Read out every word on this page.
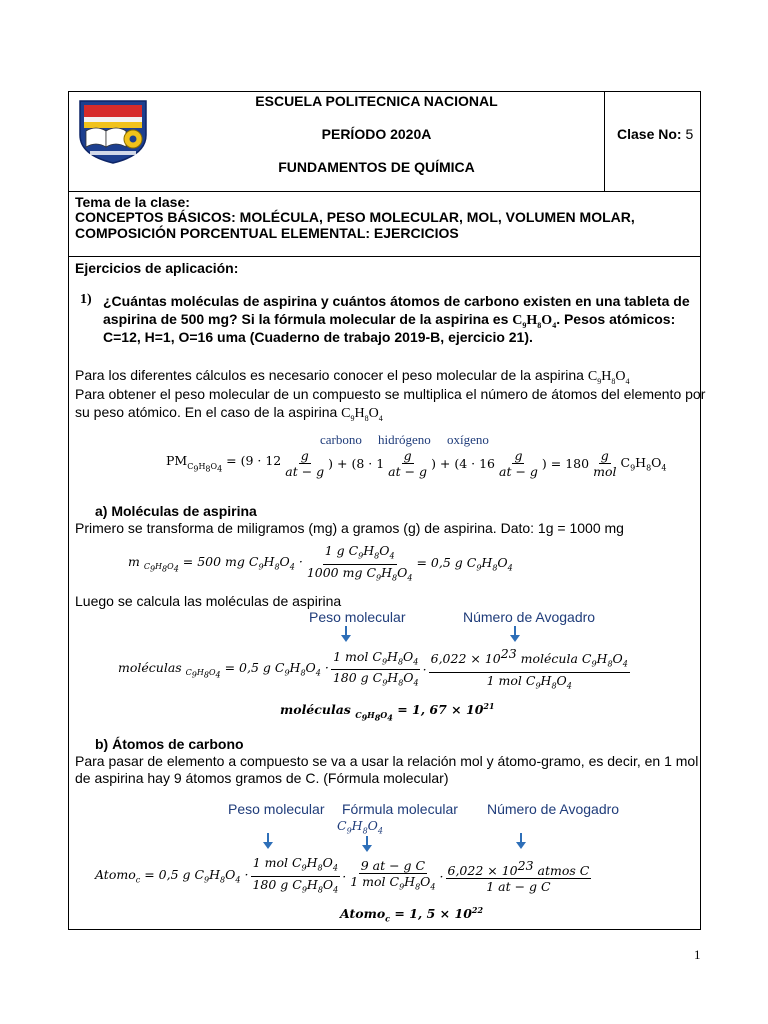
ESCUELA POLITECNICA NACIONAL
PERÍODO 2020A
FUNDAMENTOS DE QUÍMICA
Clase No: 5
Tema de la clase:
CONCEPTOS BÁSICOS: MOLÉCULA, PESO MOLECULAR, MOL, VOLUMEN MOLAR,
COMPOSICIÓN PORCENTUAL ELEMENTAL: EJERCICIOS
Ejercicios de aplicación:
1) ¿Cuántas moléculas de aspirina y cuántos átomos de carbono existen en una tableta de
aspirina de 500 mg? Si la fórmula molecular de la aspirina es $C_9H_8O_4$. Pesos atómicos:
C=12, H=1, O=16 uma (Cuaderno de trabajo 2019-B, ejercicio 21).
Para los diferentes cálculos es necesario conocer el peso molecular de la aspirina $C_9H_8O_4$
Para obtener el peso molecular de un compuesto se multiplica el número de átomos del elemento por
su peso atómico. En el caso de la aspirina $C_9H_8O_4$
carbono hidrógeno oxígeno
$PM_{C_9H_8O_4} = (9 \cdot 12 \frac{g}{at - g}$ ) + ($8 \cdot 1 \frac{g}{at - g}$ ) + ($4 \cdot 16 \frac{g}{at - g}$ ) = $180 \frac{g}{\text{mol}} C_9H_8O_4$
a) Moléculas de aspirina
Primero se transforma de miligramos (mg) a gramos (g) de aspirina. Dato: 1g = 1000 mg
m $_{C_9H_8O_4}$ = 500 mg $C_9H_8O_4 \cdot \frac{1 g C_9H_8O_4}{1000 mg C_9H_8O_4} = 0,5$ g $C_9H_8O_4$
Luego se calcula las moléculas de aspirina
Peso molecular	Número de Avogadro
moléculas $_{C_9H_8O_4}$ = 0,5 g $C_9H_8O_4 \cdot \frac{1 mol C_9H_8O_4}{180 g C_9H_8O_4} \cdot \frac{6,022 \times 10^{23} molécula C_9H_8O_4}{1 mol C_9H_8O_4}$
moléculas $_{C_9H_8O_4}$ = 1, $67 \times 10^{21}$
b) Átomos de carbono
Para pasar de elemento a compuesto se va a usar la relación mol y átomo-gramo, es decir, en 1 mol
de aspirina hay 9 átomos gramos de C. (Fórmula molecular)
Peso molecular Fórmula molecular Número de Avogadro
$C_9H_8O_4$
Atomo$_c$ = 0,5 g $C_9H_8O_4 \cdot \frac{1 mol C_9H_8O_4}{180 g C_9H_8O_4} \cdot \frac{\text{9 at − g C}}{1 mol C_9H_8O_4} \cdot \frac{6,022 \times 10^{23} atmos C}{\text{1 at − g C}}$
Atomo$_c$ = 1, $5 \times 10^{22}$
1
